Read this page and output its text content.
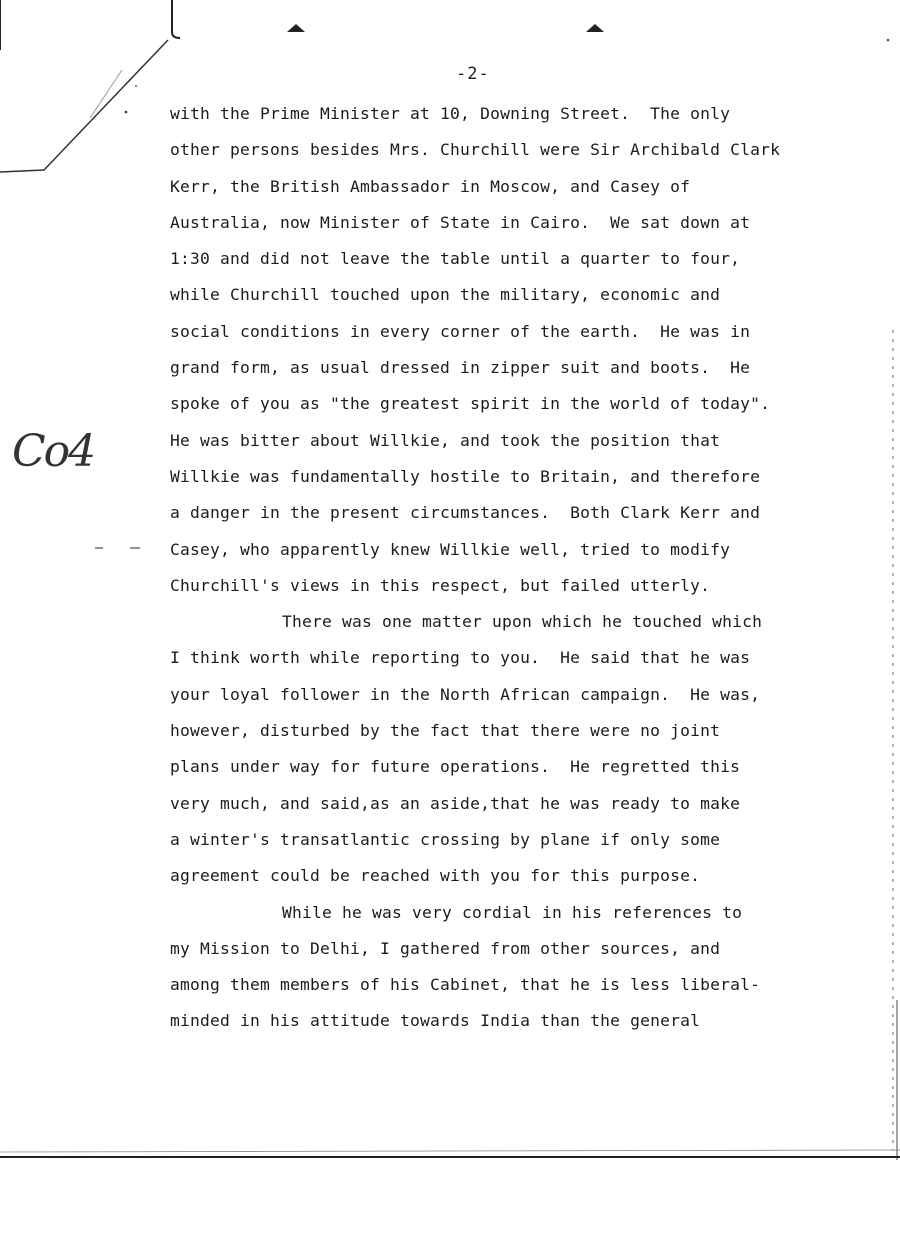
-2-
Co4
with the Prime Minister at 10, Downing Street.  The only
other persons besides Mrs. Churchill were Sir Archibald Clark
Kerr, the British Ambassador in Moscow, and Casey of
Australia, now Minister of State in Cairo.  We sat down at
1:30 and did not leave the table until a quarter to four,
while Churchill touched upon the military, economic and
social conditions in every corner of the earth.  He was in
grand form, as usual dressed in zipper suit and boots.  He
spoke of you as "the greatest spirit in the world of today".
He was bitter about Willkie, and took the position that
Willkie was fundamentally hostile to Britain, and therefore
a danger in the present circumstances.  Both Clark Kerr and
Casey, who apparently knew Willkie well, tried to modify
Churchill's views in this respect, but failed utterly.
There was one matter upon which he touched which
I think worth while reporting to you.  He said that he was
your loyal follower in the North African campaign.  He was,
however, disturbed by the fact that there were no joint
plans under way for future operations.  He regretted this
very much, and said,as an aside,that he was ready to make
a winter's transatlantic crossing by plane if only some
agreement could be reached with you for this purpose.
While he was very cordial in his references to
my Mission to Delhi, I gathered from other sources, and
among them members of his Cabinet, that he is less liberal-
minded in his attitude towards India than the general
